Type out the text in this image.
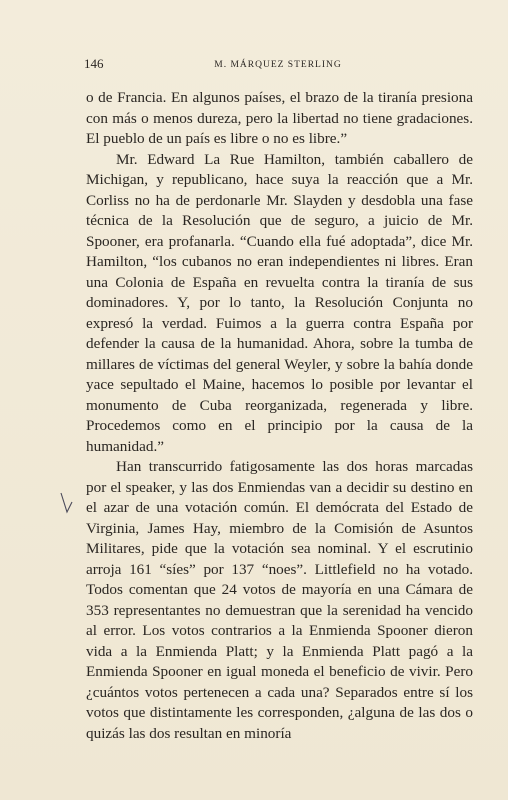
146	M. MÁRQUEZ STERLING

o de Francia. En algunos países, el brazo de la tiranía presiona con más o menos dureza, pero la libertad no tiene gradaciones. El pueblo de un país es libre o no es libre.”

Mr. Edward La Rue Hamilton, también caballero de Michigan, y republicano, hace suya la reacción que a Mr. Corliss no ha de perdonarle Mr. Slayden y desdobla una fase técnica de la Resolución que de seguro, a juicio de Mr. Spooner, era profanarla. “Cuando ella fué adoptada”, dice Mr. Hamilton, “los cubanos no eran independientes ni libres. Eran una Colonia de España en revuelta contra la tiranía de sus dominadores. Y, por lo tanto, la Resolución Conjunta no expresó la verdad. Fuimos a la guerra contra España por defender la causa de la humanidad. Ahora, sobre la tumba de millares de víctimas del general Weyler, y sobre la bahía donde yace sepultado el Maine, hacemos lo posible por levantar el monumento de Cuba reorganizada, regenerada y libre. Procedemos como en el principio por la causa de la humanidad.”

Han transcurrido fatigosamente las dos horas marcadas por el speaker, y las dos Enmiendas van a decidir su destino en el azar de una votación común. El demócrata del Estado de Virginia, James Hay, miembro de la Comisión de Asuntos Militares, pide que la votación sea nominal. Y el escrutinio arroja 161 “síes” por 137 “noes”. Littlefield no ha votado. Todos comentan que 24 votos de mayoría en una Cámara de 353 representantes no demuestran que la serenidad ha vencido al error. Los votos contrarios a la Enmienda Spooner dieron vida a la Enmienda Platt; y la Enmienda Platt pagó a la Enmienda Spooner en igual moneda el beneficio de vivir. Pero ¿cuántos votos pertenecen a cada una? Separados entre sí los votos que distintamente les corresponden, ¿alguna de las dos o quizás las dos resultan en minoría
